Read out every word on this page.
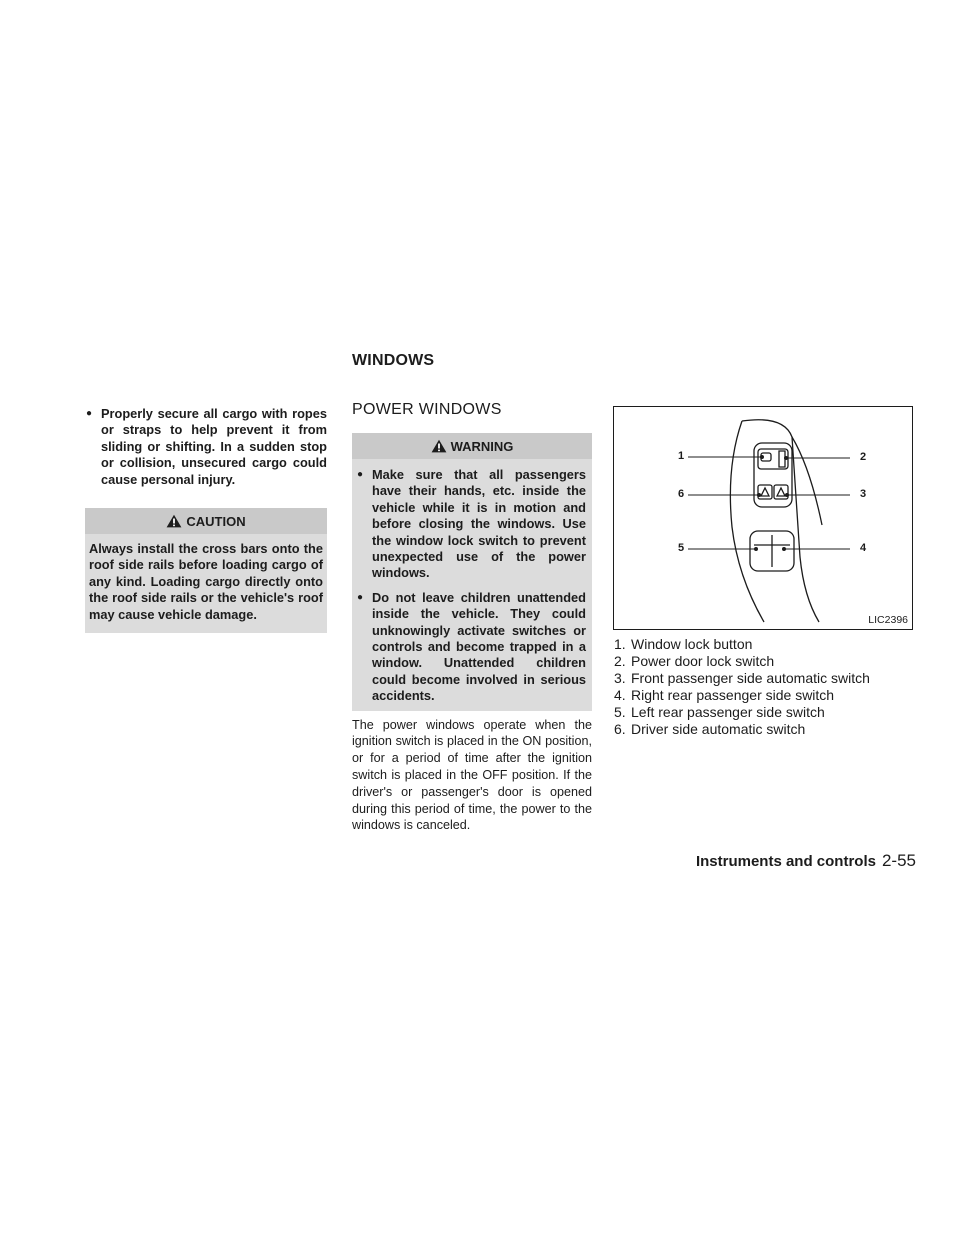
WINDOWS
● Properly secure all cargo with ropes or straps to help prevent it from sliding or shifting. In a sudden stop or collision, unsecured cargo could cause personal injury.
CAUTION
Always install the cross bars onto the roof side rails before loading cargo of any kind. Loading cargo directly onto the roof side rails or the vehicle's roof may cause vehicle damage.
POWER WINDOWS
WARNING
● Make sure that all passengers have their hands, etc. inside the vehicle while it is in motion and before closing the windows. Use the window lock switch to prevent unexpected use of the power windows.
● Do not leave children unattended inside the vehicle. They could unknowingly activate switches or controls and become trapped in a window. Unattended children could become involved in serious accidents.
The power windows operate when the ignition switch is placed in the ON position, or for a period of time after the ignition switch is placed in the OFF position. If the driver's or passenger's door is opened during this period of time, the power to the windows is canceled.
1	2
3
4
5
6
LIC2396
1. Window lock button
2. Power door lock switch
3. Front passenger side automatic switch
4. Right rear passenger side switch
5. Left rear passenger side switch
6. Driver side automatic switch
Instruments and controls 2-55
